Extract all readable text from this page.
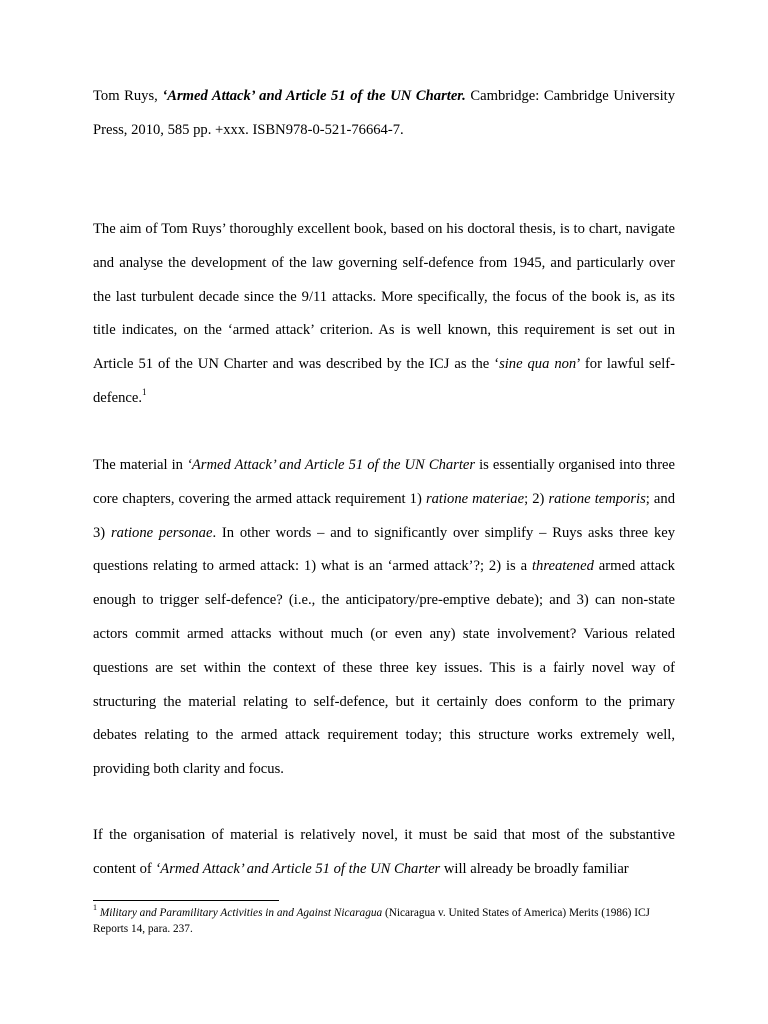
Tom Ruys, ‘Armed Attack’ and Article 51 of the UN Charter. Cambridge: Cambridge University Press, 2010, 585 pp. +xxx. ISBN978-0-521-76664-7.

The aim of Tom Ruys’ thoroughly excellent book, based on his doctoral thesis, is to chart, navigate and analyse the development of the law governing self-defence from 1945, and particularly over the last turbulent decade since the 9/11 attacks. More specifically, the focus of the book is, as its title indicates, on the ‘armed attack’ criterion. As is well known, this requirement is set out in Article 51 of the UN Charter and was described by the ICJ as the ‘sine qua non’ for lawful self-defence.$^1$

The material in ‘Armed Attack’ and Article 51 of the UN Charter is essentially organised into three core chapters, covering the armed attack requirement 1) ratione materiae; 2) ratione temporis; and 3) ratione personae. In other words – and to significantly over simplify – Ruys asks three key questions relating to armed attack: 1) what is an ‘armed attack’?; 2) is a threatened armed attack enough to trigger self-defence? (i.e., the anticipatory/pre-emptive debate); and 3) can non-state actors commit armed attacks without much (or even any) state involvement? Various related questions are set within the context of these three key issues. This is a fairly novel way of structuring the material relating to self-defence, but it certainly does conform to the primary debates relating to the armed attack requirement today; this structure works extremely well, providing both clarity and focus.

If the organisation of material is relatively novel, it must be said that most of the substantive content of ‘Armed Attack’ and Article 51 of the UN Charter will already be broadly familiar

$^1$ Military and Paramilitary Activities in and Against Nicaragua (Nicaragua v. United States of America) Merits (1986) ICJ Reports 14, para. 237.
